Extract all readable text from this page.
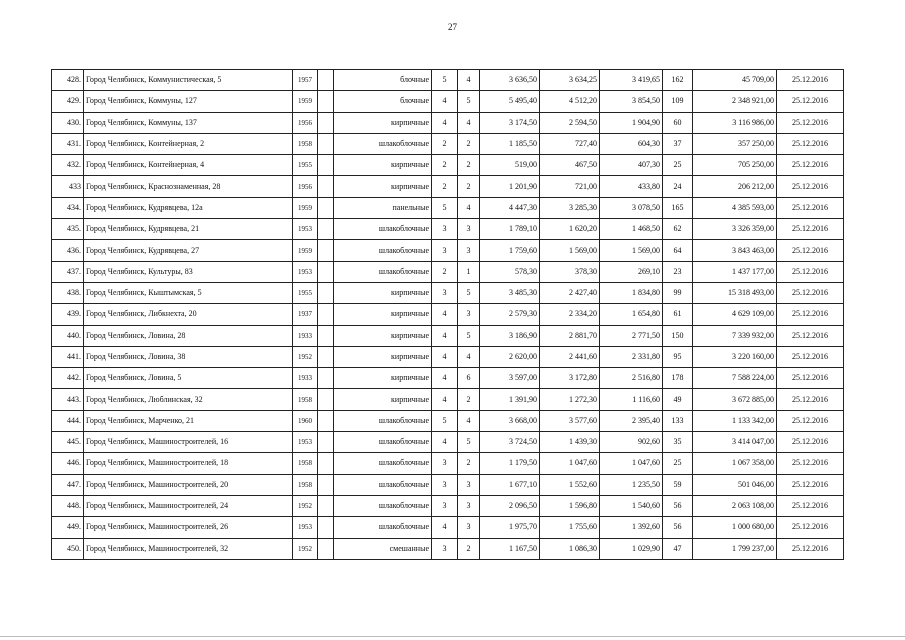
27
428.	Город Челябинск, Коммунистическая, 5	1957		блочные	5	4	3 636,50	3 634,25	3 419,65	162	45 709,00	25.12.2016
429.	Город Челябинск, Коммуны, 127	1959		блочные	4	5	5 495,40	4 512,20	3 854,50	109	2 348 921,00	25.12.2016
430.	Город Челябинск, Коммуны, 137	1956		кирпичные	4	4	3 174,50	2 594,50	1 904,90	60	3 116 986,00	25.12.2016
431.	Город Челябинск, Контейнерная, 2	1958		шлакоблочные	2	2	1 185,50	727,40	604,30	37	357 250,00	25.12.2016
432.	Город Челябинск, Контейнерная, 4	1955		кирпичные	2	2	519,00	467,50	407,30	25	705 250,00	25.12.2016
433	Город Челябинск, Краснознаменная, 28	1956		кирпичные	2	2	1 201,90	721,00	433,80	24	206 212,00	25.12.2016
434.	Город Челябинск, Кудрявцева, 12а	1959		панельные	5	4	4 447,30	3 285,30	3 078,50	165	4 385 593,00	25.12.2016
435.	Город Челябинск, Кудрявцева, 21	1953		шлакоблочные	3	3	1 789,10	1 620,20	1 468,50	62	3 326 359,00	25.12.2016
436.	Город Челябинск, Кудрявцева, 27	1959		шлакоблочные	3	3	1 759,60	1 569,00	1 569,00	64	3 843 463,00	25.12.2016
437.	Город Челябинск, Культуры, 83	1953		шлакоблочные	2	1	578,30	378,30	269,10	23	1 437 177,00	25.12.2016
438.	Город Челябинск, Кыштымская, 5	1955		кирпичные	3	5	3 485,30	2 427,40	1 834,80	99	15 318 493,00	25.12.2016
439.	Город Челябинск, Либкнехта, 20	1937		кирпичные	4	3	2 579,30	2 334,20	1 654,80	61	4 629 109,00	25.12.2016
440.	Город Челябинск, Ловина, 28	1933		кирпичные	4	5	3 186,90	2 881,70	2 771,50	150	7 339 932,00	25.12.2016
441.	Город Челябинск, Ловина, 38	1952		кирпичные	4	4	2 620,00	2 441,60	2 331,80	95	3 220 160,00	25.12.2016
442.	Город Челябинск, Ловина, 5	1933		кирпичные	4	6	3 597,00	3 172,80	2 516,80	178	7 588 224,00	25.12.2016
443.	Город Челябинск, Люблинская, 32	1958		кирпичные	4	2	1 391,90	1 272,30	1 116,60	49	3 672 885,00	25.12.2016
444.	Город Челябинск, Марченко, 21	1960		шлакоблочные	5	4	3 668,00	3 577,60	2 395,40	133	1 133 342,00	25.12.2016
445.	Город Челябинск, Машиностроителей, 16	1953		шлакоблочные	4	5	3 724,50	1 439,30	902,60	35	3 414 047,00	25.12.2016
446.	Город Челябинск, Машиностроителей, 18	1958		шлакоблочные	3	2	1 179,50	1 047,60	1 047,60	25	1 067 358,00	25.12.2016
447.	Город Челябинск, Машиностроителей, 20	1958		шлакоблочные	3	3	1 677,10	1 552,60	1 235,50	59	501 046,00	25.12.2016
448.	Город Челябинск, Машиностроителей, 24	1952		шлакоблочные	3	3	2 096,50	1 596,80	1 540,60	56	2 063 108,00	25.12.2016
449.	Город Челябинск, Машиностроителей, 26	1953		шлакоблочные	4	3	1 975,70	1 755,60	1 392,60	56	1 000 680,00	25.12.2016
450.	Город Челябинск, Машиностроителей, 32	1952		смешанные	3	2	1 167,50	1 086,30	1 029,90	47	1 799 237,00	25.12.2016
